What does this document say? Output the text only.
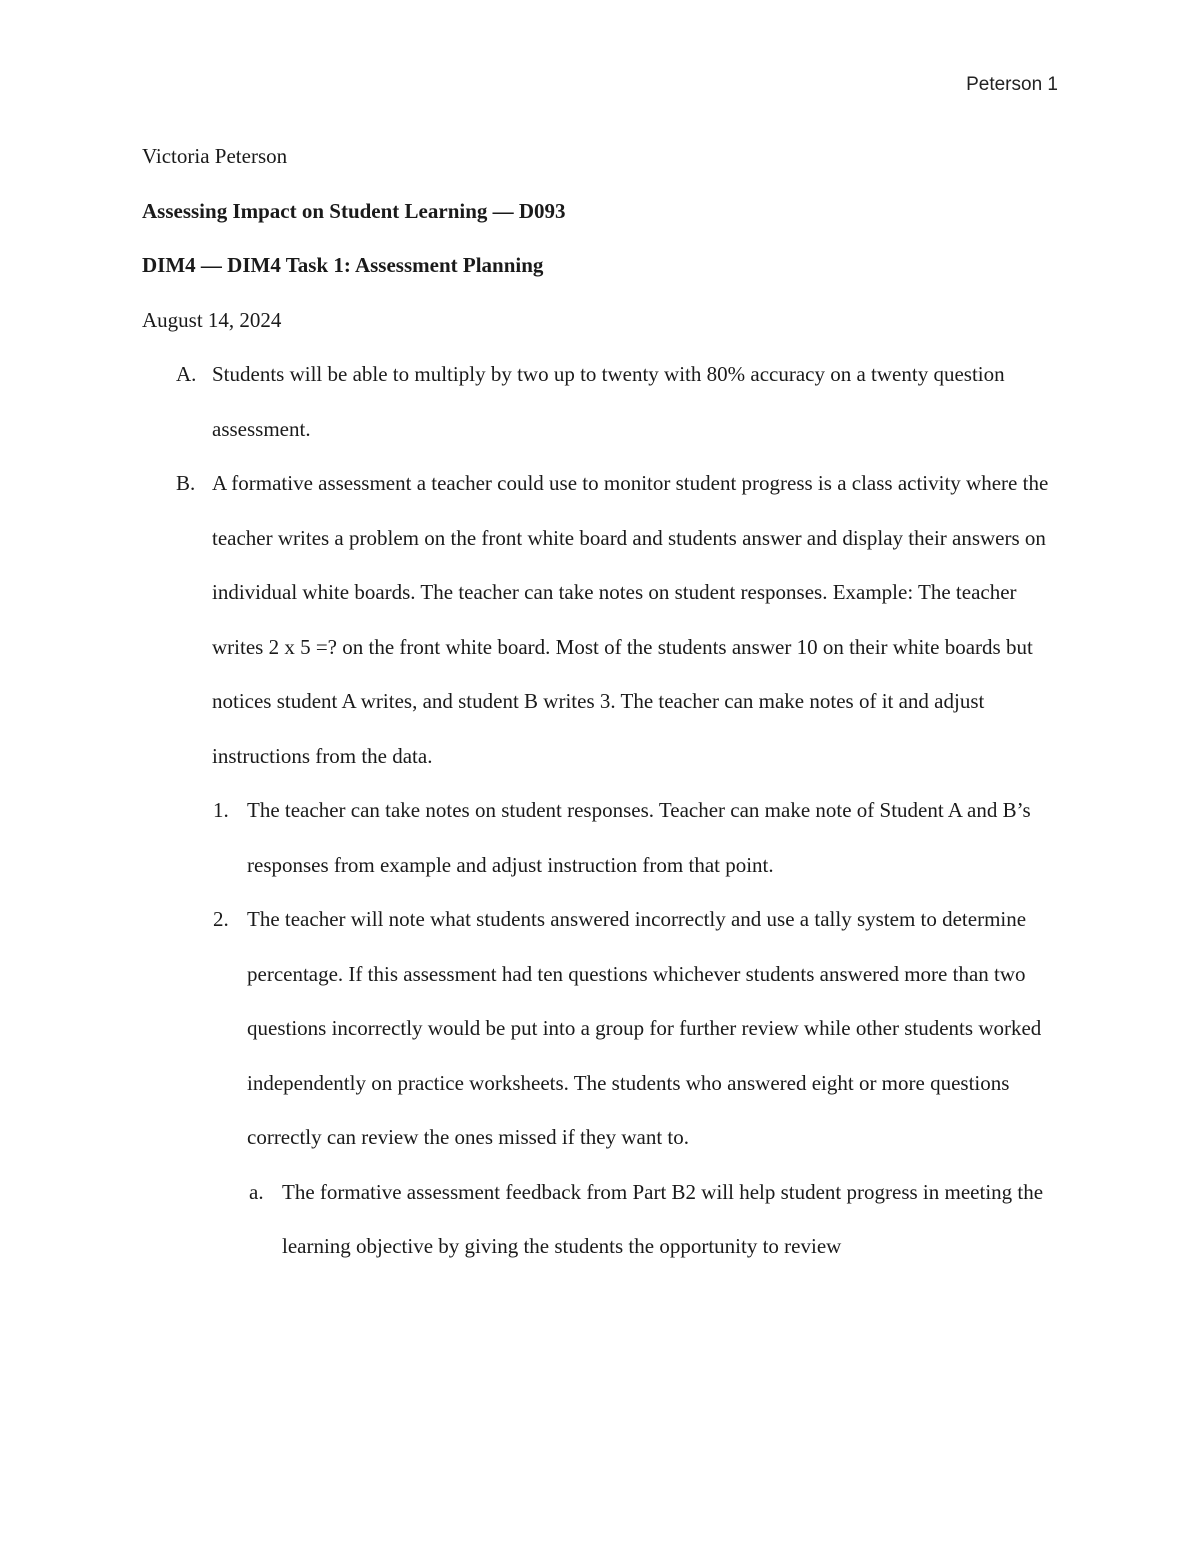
Peterson 1

Victoria Peterson

Assessing Impact on Student Learning — D093

DIM4 — DIM4 Task 1: Assessment Planning

August 14, 2024

A. Students will be able to multiply by two up to twenty with 80% accuracy on a twenty question assessment.

B. A formative assessment a teacher could use to monitor student progress is a class activity where the teacher writes a problem on the front white board and students answer and display their answers on individual white boards. The teacher can take notes on student responses. Example: The teacher writes 2 x 5 =? on the front white board. Most of the students answer 10 on their white boards but notices student A writes, and student B writes 3. The teacher can make notes of it and adjust instructions from the data.

1. The teacher can take notes on student responses. Teacher can make note of Student A and B’s responses from example and adjust instruction from that point.

2. The teacher will note what students answered incorrectly and use a tally system to determine percentage. If this assessment had ten questions whichever students answered more than two questions incorrectly would be put into a group for further review while other students worked independently on practice worksheets. The students who answered eight or more questions correctly can review the ones missed if they want to.

a. The formative assessment feedback from Part B2 will help student progress in meeting the learning objective by giving the students the opportunity to review
